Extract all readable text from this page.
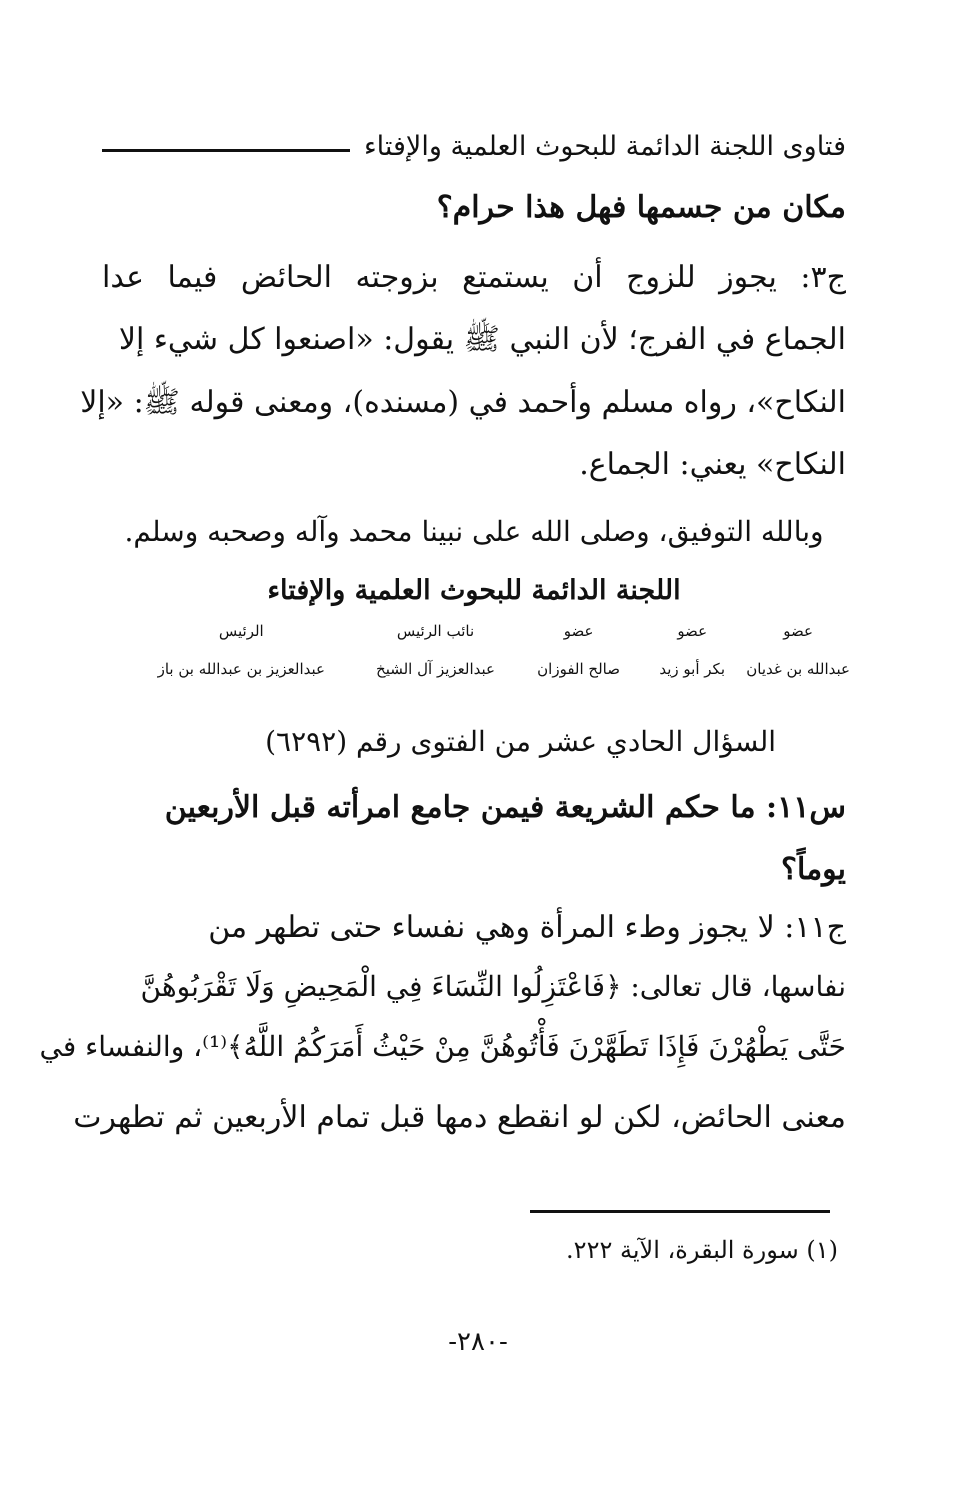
فتاوى اللجنة الدائمة للبحوث العلمية والإفتاء
مكان من جسمها فهل هذا حرام؟
ج٣: يجوز للزوج أن يستمتع بزوجته الحائض فيما عدا
الجماع في الفرج؛ لأن النبي ﷺ يقول: «اصنعوا كل شيء إلا
النكاح»، رواه مسلم وأحمد في (مسنده)، ومعنى قوله ﷺ: «إلا
النكاح» يعني: الجماع.
وبالله التوفيق، وصلى الله على نبينا محمد وآله وصحبه وسلم.
اللجنة الدائمة للبحوث العلمية والإفتاء
عضو
عبدالله بن غديان
عضو
بكر أبو زيد
عضو
صالح الفوزان
نائب الرئيس
عبدالعزيز آل الشيخ
الرئيس
عبدالعزيز بن عبدالله بن باز
السؤال الحادي عشر من الفتوى رقم (٦٢٩٢)
س١١: ما حكم الشريعة فيمن جامع امرأته قبل الأربعين
يوماً؟
ج١١: لا يجوز وطء المرأة وهي نفساء حتى تطهر من
نفاسها، قال تعالى: ﴿فَاعْتَزِلُوا النِّسَاءَ فِي الْمَحِيضِ وَلَا تَقْرَبُوهُنَّ
حَتَّى يَطْهُرْنَ فَإِذَا تَطَهَّرْنَ فَأْتُوهُنَّ مِنْ حَيْثُ أَمَرَكُمُ اللَّهُ﴾⁽¹⁾، والنفساء في
معنى الحائض، لكن لو انقطع دمها قبل تمام الأربعين ثم تطهرت
(١) سورة البقرة، الآية ٢٢٢.
-٢٨٠-
